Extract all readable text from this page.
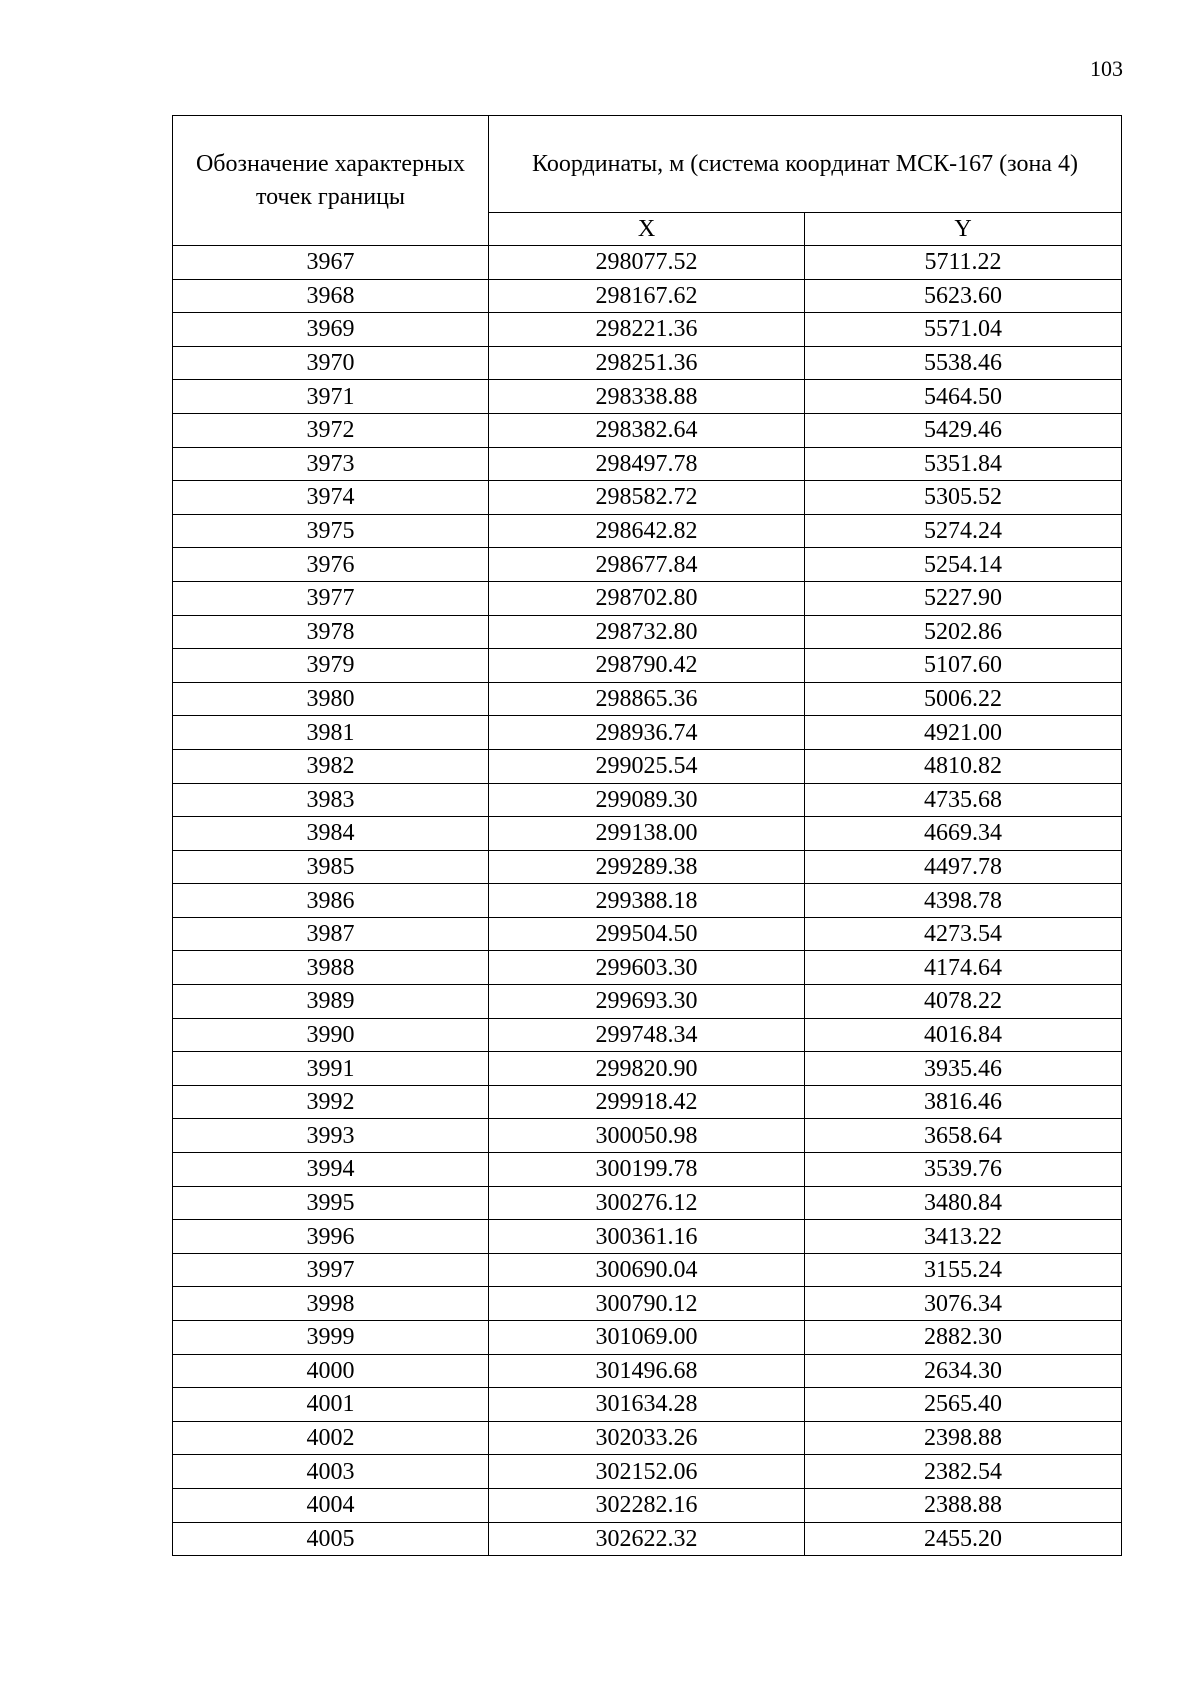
103
Обозначение характерных точек границы	Координаты, м (система координат МСК-167 (зона 4)	
	X	Y
3967	298077.52	5711.22
3968	298167.62	5623.60
3969	298221.36	5571.04
3970	298251.36	5538.46
3971	298338.88	5464.50
3972	298382.64	5429.46
3973	298497.78	5351.84
3974	298582.72	5305.52
3975	298642.82	5274.24
3976	298677.84	5254.14
3977	298702.80	5227.90
3978	298732.80	5202.86
3979	298790.42	5107.60
3980	298865.36	5006.22
3981	298936.74	4921.00
3982	299025.54	4810.82
3983	299089.30	4735.68
3984	299138.00	4669.34
3985	299289.38	4497.78
3986	299388.18	4398.78
3987	299504.50	4273.54
3988	299603.30	4174.64
3989	299693.30	4078.22
3990	299748.34	4016.84
3991	299820.90	3935.46
3992	299918.42	3816.46
3993	300050.98	3658.64
3994	300199.78	3539.76
3995	300276.12	3480.84
3996	300361.16	3413.22
3997	300690.04	3155.24
3998	300790.12	3076.34
3999	301069.00	2882.30
4000	301496.68	2634.30
4001	301634.28	2565.40
4002	302033.26	2398.88
4003	302152.06	2382.54
4004	302282.16	2388.88
4005	302622.32	2455.20
